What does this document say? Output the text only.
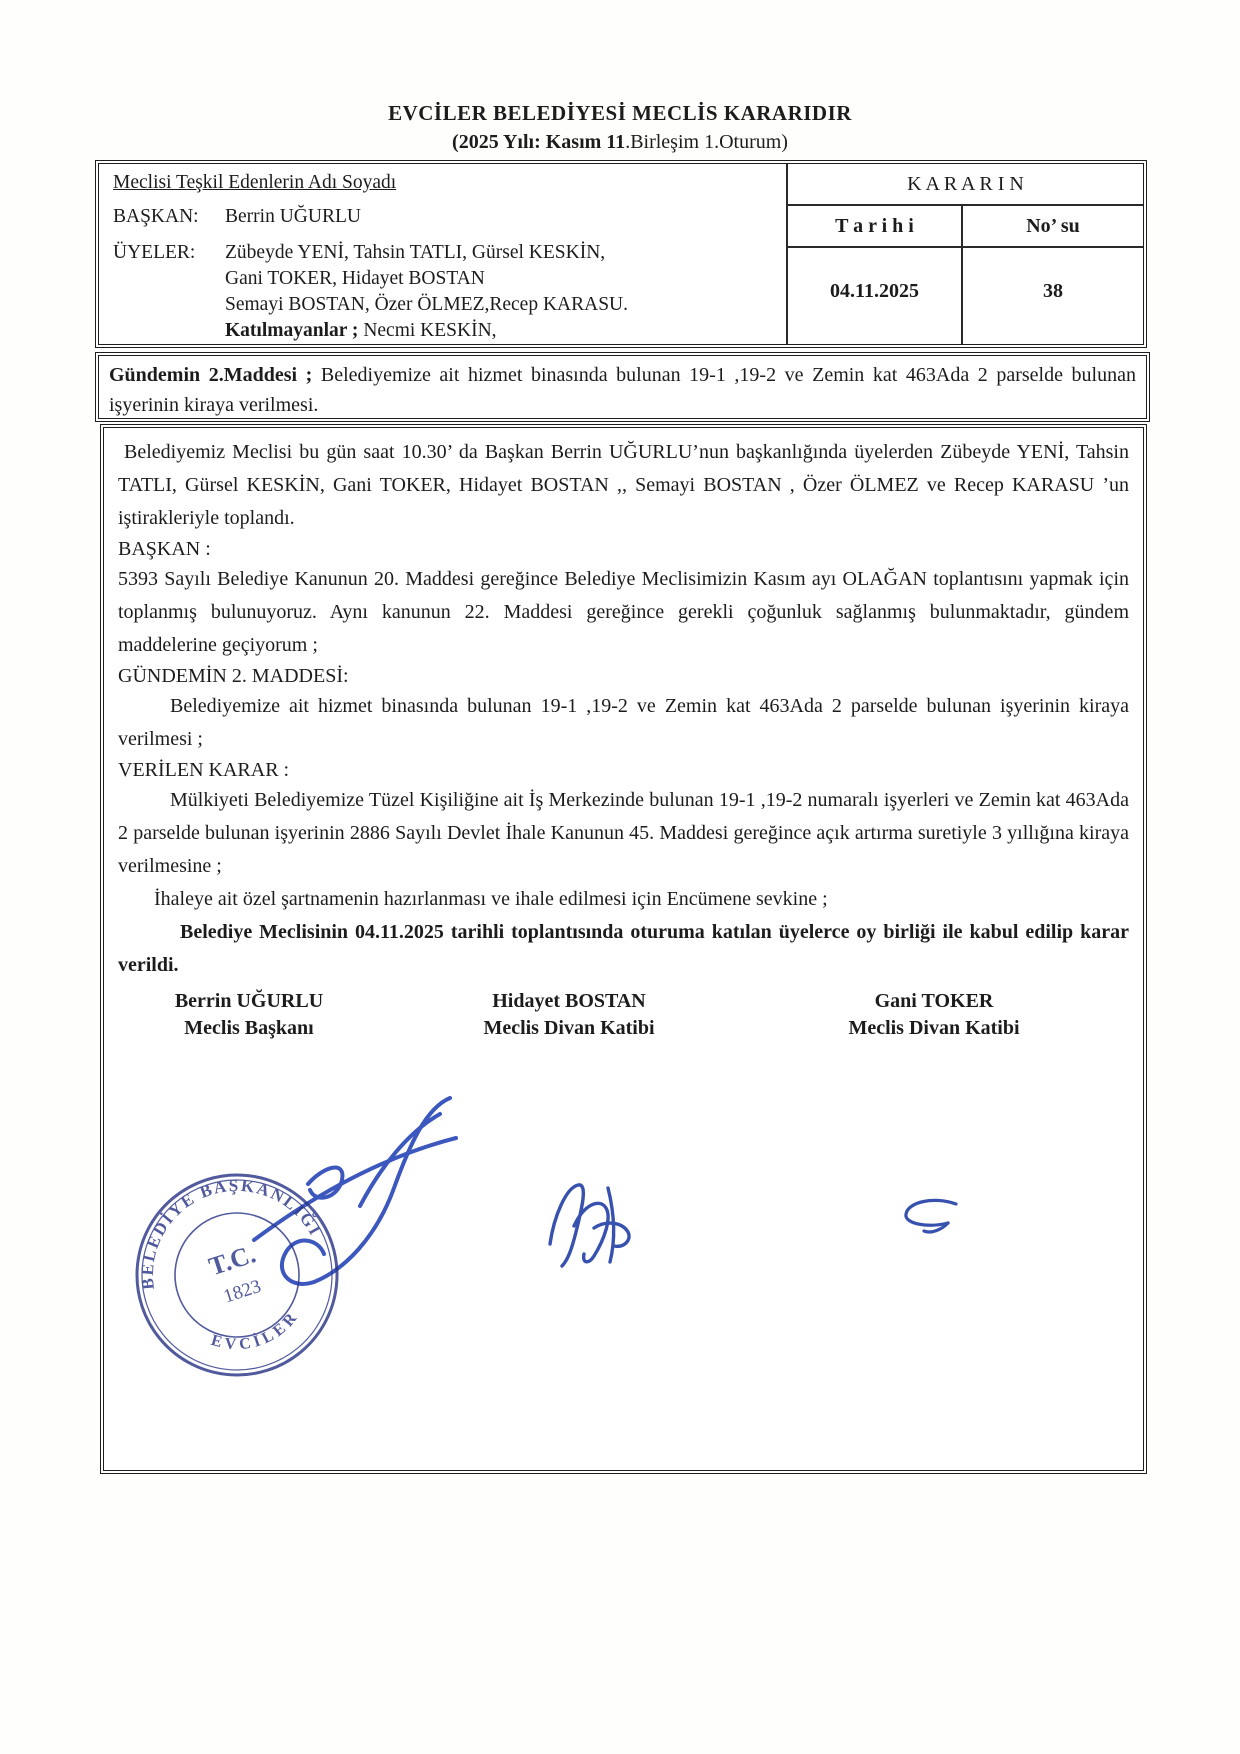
EVCİLER BELEDİYESİ MECLİS KARARIDIR
(2025 Yılı: Kasım 11.Birleşim 1.Oturum)
Meclisi Teşkil Edenlerin Adı Soyadı
BAŞKAN:	Berrin UĞURLU
ÜYELER:	Zübeyde YENİ, Tahsin TATLI, Gürsel KESKİN,
Gani TOKER, Hidayet BOSTAN
Semayi BOSTAN, Özer ÖLMEZ,Recep KARASU.
Katılmayanlar ; Necmi KESKİN,
K A R A R I N
T a r i h i
04.11.2025
No’ su
38
Gündemin 2.Maddesi ; Belediyemize ait hizmet binasında bulunan 19-1 ,19-2 ve Zemin kat 463Ada 2 parselde bulunan işyerinin kiraya verilmesi.

Belediyemiz Meclisi bu gün saat 10.30’ da Başkan Berrin UĞURLU’nun başkanlığında üyelerden Zübeyde YENİ, Tahsin TATLI, Gürsel KESKİN, Gani TOKER, Hidayet BOSTAN ,, Semayi BOSTAN , Özer ÖLMEZ ve Recep KARASU ’un iştirakleriyle toplandı.

BAŞKAN :

5393 Sayılı Belediye Kanunun 20. Maddesi gereğince Belediye Meclisimizin Kasım ayı OLAĞAN toplantısını yapmak için toplanmış bulunuyoruz. Aynı kanunun 22. Maddesi gereğince gerekli çoğunluk sağlanmış bulunmaktadır, gündem maddelerine geçiyorum ;

GÜNDEMİN 2. MADDESİ:

Belediyemize ait hizmet binasında bulunan 19-1 ,19-2 ve Zemin kat 463Ada 2 parselde bulunan işyerinin kiraya verilmesi ;

VERİLEN KARAR :

Mülkiyeti Belediyemize Tüzel Kişiliğine ait İş Merkezinde bulunan 19-1 ,19-2 numaralı işyerleri ve Zemin kat 463Ada 2 parselde bulunan işyerinin 2886 Sayılı Devlet İhale Kanunun 45. Maddesi gereğince açık artırma suretiyle 3 yıllığına kiraya verilmesine ;

İhaleye ait özel şartnamenin hazırlanması ve ihale edilmesi için Encümene sevkine ;

Belediye Meclisinin 04.11.2025 tarihli toplantısında oturuma katılan üyelerce oy birliği ile kabul edilip karar verildi.

Berrin UĞURLU
Meclis Başkanı
Hidayet BOSTAN
Meclis Divan Katibi
Gani TOKER
Meclis Divan Katibi
BELEDİYE BAŞKANLIĞI
EVCİLER
T.C.
1823
